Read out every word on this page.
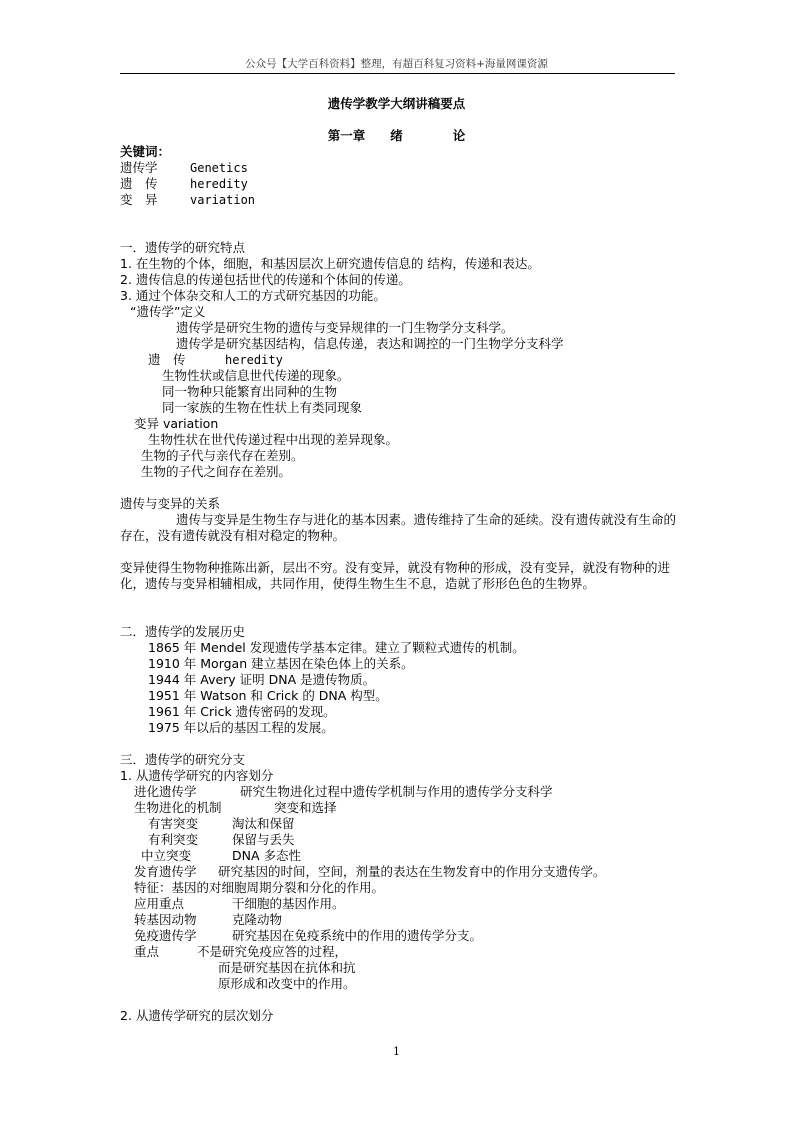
公众号【大学百科资料】整理，有超百科复习资料+海量网课资源
遗传学教学大纲讲稿要点
第一章　　绪　　　　论
关键词：
遗传学	Genetics
遗　传	heredity
变　异	variation
一．遗传学的研究特点
1. 在生物的个体，细胞，和基因层次上研究遗传信息的 结构，传递和表达。
2. 遗传信息的传递包括世代的传递和个体间的传递。
3. 通过个体杂交和人工的方式研究基因的功能。
“遗传学”定义
遗传学是研究生物的遗传与变异规律的一门生物学分支科学。
遗传学是研究基因结构，信息传递，表达和调控的一门生物学分支科学
遗　传	heredity
生物性状或信息世代传递的现象。
同一物种只能繁育出同种的生物
同一家族的生物在性状上有类同现象
变异 variation
生物性状在世代传递过程中出现的差异现象。
生物的子代与亲代存在差别。
生物的子代之间存在差别。
遗传与变异的关系
遗传与变异是生物生存与进化的基本因素。遗传维持了生命的延续。没有遗传就没有生命的存在，没有遗传就没有相对稳定的物种。
变异使得生物物种推陈出新，层出不穷。没有变异，就没有物种的形成，没有变异，就没有物种的进化，遗传与变异相辅相成，共同作用，使得生物生生不息，造就了形形色色的生物界。
二．遗传学的发展历史
1865 年 Mendel 发现遗传学基本定律。建立了颗粒式遗传的机制。
1910 年 Morgan 建立基因在染色体上的关系。
1944 年 Avery 证明 DNA 是遗传物质。
1951 年 Watson 和 Crick 的 DNA 构型。
1961 年 Crick 遗传密码的发现。
1975 年以后的基因工程的发展。
三．遗传学的研究分支
1. 从遗传学研究的内容划分
进化遗传学	研究生物进化过程中遗传学机制与作用的遗传学分支科学
生物进化的机制	突变和选择
有害突变	淘汰和保留
有利突变	保留与丢失
中立突变	DNA 多态性
发育遗传学 研究基因的时间，空间，剂量的表达在生物发育中的作用分支遗传学。
特征：基因的对细胞周期分裂和分化的作用。
应用重点	干细胞的基因作用。
转基因动物	克隆动物
免疫遗传学	研究基因在免疫系统中的作用的遗传学分支。
重点	不是研究免疫应答的过程，
而是研究基因在抗体和抗
原形成和改变中的作用。
2. 从遗传学研究的层次划分
1
